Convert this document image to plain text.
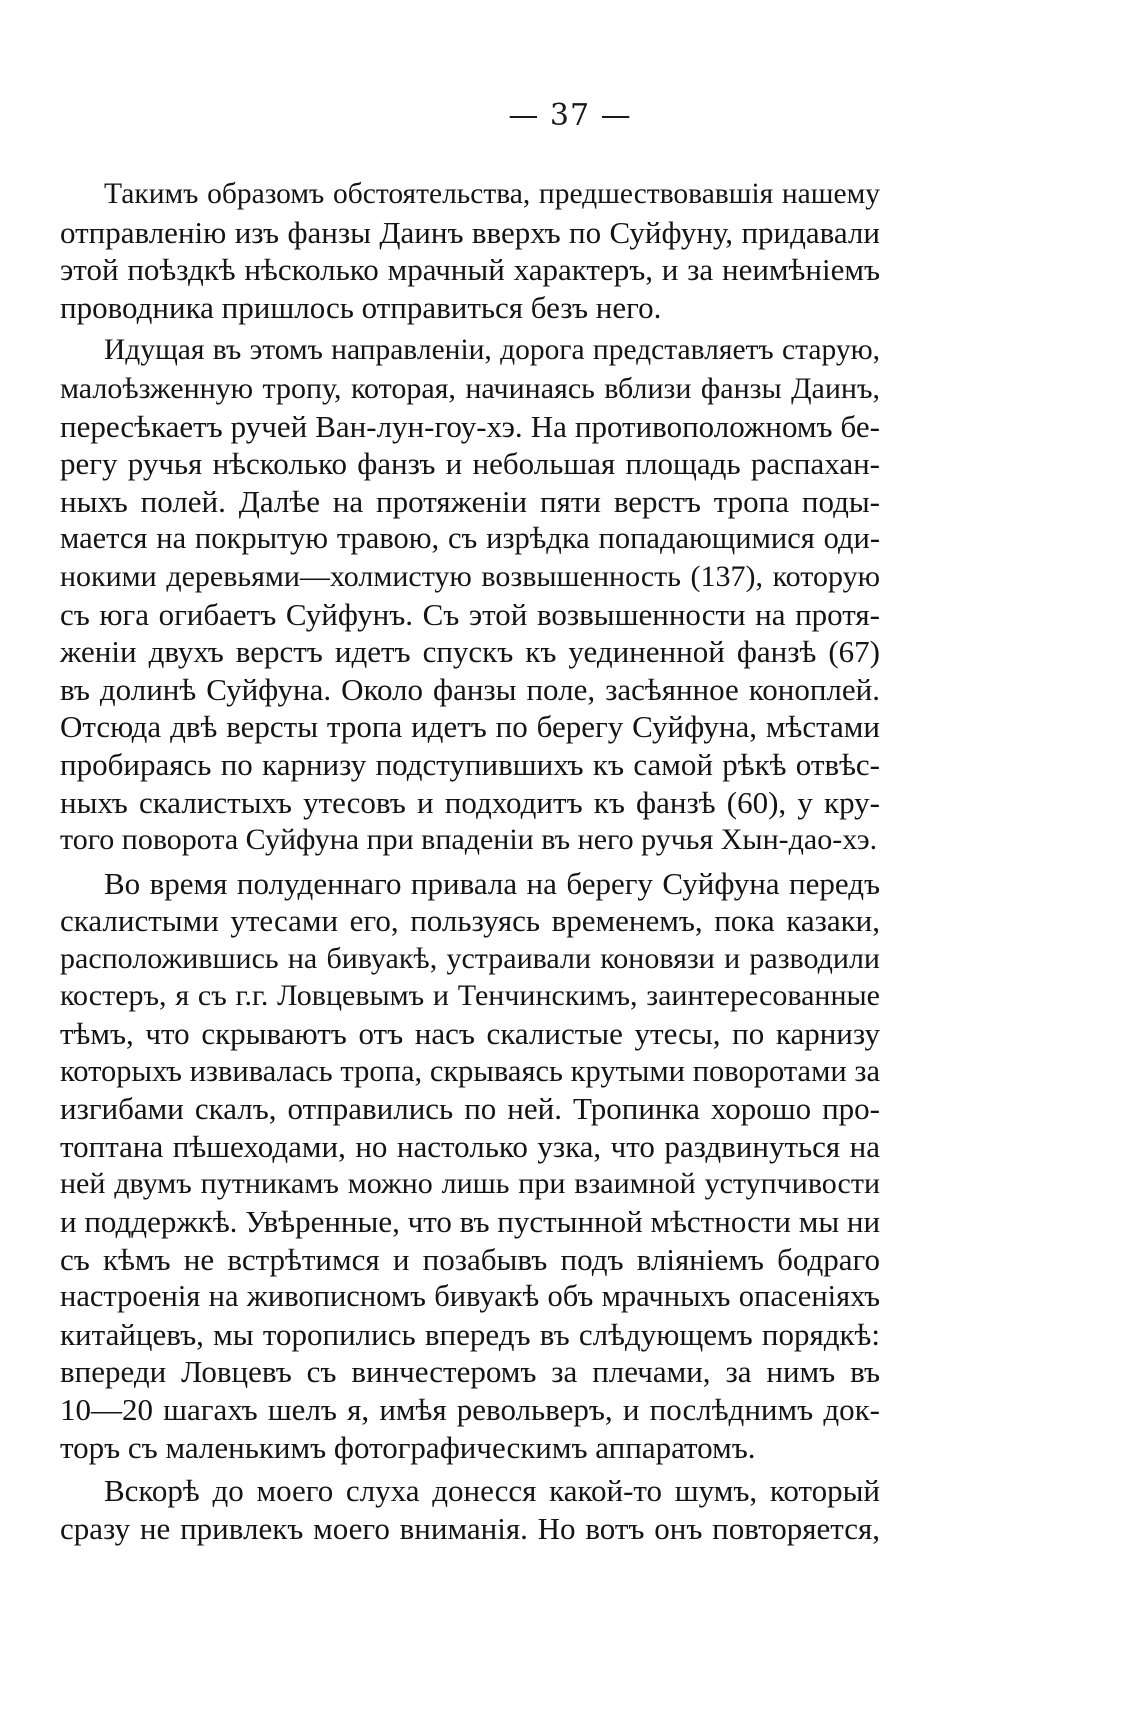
— 37 —
Такимъ образомъ обстоятельства, предшествовавшія нашему
отправленію изъ фанзы Даинъ вверхъ по Суйфуну, придавали
этой поѣздкѣ нѣсколько мрачный характеръ, и за неимѣніемъ
проводника пришлось отправиться безъ него.
Идущая въ этомъ направленіи, дорога представляетъ старую,
малоѣзженную тропу, которая, начинаясь вблизи фанзы Даинъ,
пересѣкаетъ ручей Ван-лун-гоу-хэ. На противоположномъ бе-
регу ручья нѣсколько фанзъ и небольшая площадь распахан-
ныхъ полей. Далѣе на протяженіи пяти верстъ тропа поды-
мается на покрытую травою, съ изрѣдка попадающимися оди-
нокими деревьями—холмистую возвышенность (137), которую
съ юга огибаетъ Суйфунъ. Съ этой возвышенности на протя-
женіи двухъ верстъ идетъ спускъ къ уединенной фанзѣ (67)
въ долинѣ Суйфуна. Около фанзы поле, засѣянное коноплей.
Отсюда двѣ версты тропа идетъ по берегу Суйфуна, мѣстами
пробираясь по карнизу подступившихъ къ самой рѣкѣ отвѣс-
ныхъ скалистыхъ утесовъ и подходитъ къ фанзѣ (60), у кру-
того поворота Суйфуна при впаденіи въ него ручья Хын-дао-хэ.
Во время полуденнаго привала на берегу Суйфуна передъ
скалистыми утесами его, пользуясь временемъ, пока казаки,
расположившись на бивуакѣ, устраивали коновязи и разводили
костеръ, я съ г.г. Ловцевымъ и Тенчинскимъ, заинтересованные
тѣмъ, что скрываютъ отъ насъ скалистые утесы, по карнизу
которыхъ извивалась тропа, скрываясь крутыми поворотами за
изгибами скалъ, отправились по ней. Тропинка хорошо про-
топтана пѣшеходами, но настолько узка, что раздвинуться на
ней двумъ путникамъ можно лишь при взаимной уступчивости
и поддержкѣ. Увѣренные, что въ пустынной мѣстности мы ни
съ кѣмъ не встрѣтимся и позабывъ подъ вліяніемъ бодраго
настроенія на живописномъ бивуакѣ объ мрачныхъ опасеніяхъ
китайцевъ, мы торопились впередъ въ слѣдующемъ порядкѣ:
впереди Ловцевъ съ винчестеромъ за плечами, за нимъ въ
10—20 шагахъ шелъ я, имѣя револьверъ, и послѣднимъ док-
торъ съ маленькимъ фотографическимъ аппаратомъ.
Вскорѣ до моего слуха донесся какой-то шумъ, который
сразу не привлекъ моего вниманія. Но вотъ онъ повторяется,
